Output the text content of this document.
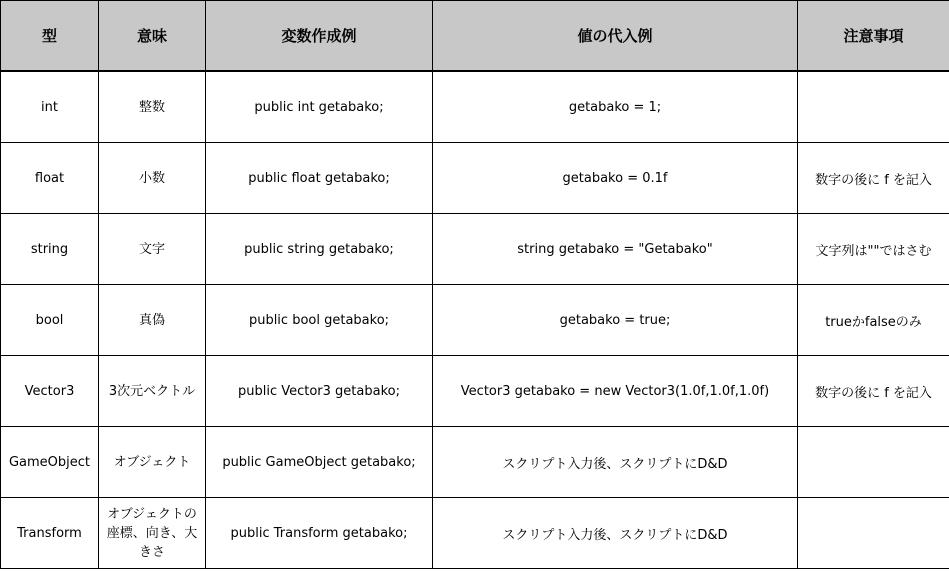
型	意味	変数作成例	値の代入例	注意事項
int	整数	public int getabako;	getabako = 1;	
float	小数	public float getabako;	getabako = 0.1f	数字の後に f を記入
string	文字	public string getabako;	string getabako = "Getabako"	文字列は""ではさむ
bool	真偽	public bool getabako;	getabako = true;	trueかfalseのみ
Vector3	3次元ベクトル	public Vector3 getabako;	Vector3 getabako = new Vector3(1.0f,1.0f,1.0f)	数字の後に f を記入
GameObject	オブジェクト	public GameObject getabako;	スクリプト入力後、スクリプトにD&D	
Transform	オブジェクトの座標、向き、大きさ	public Transform getabako;	スクリプト入力後、スクリプトにD&D	
